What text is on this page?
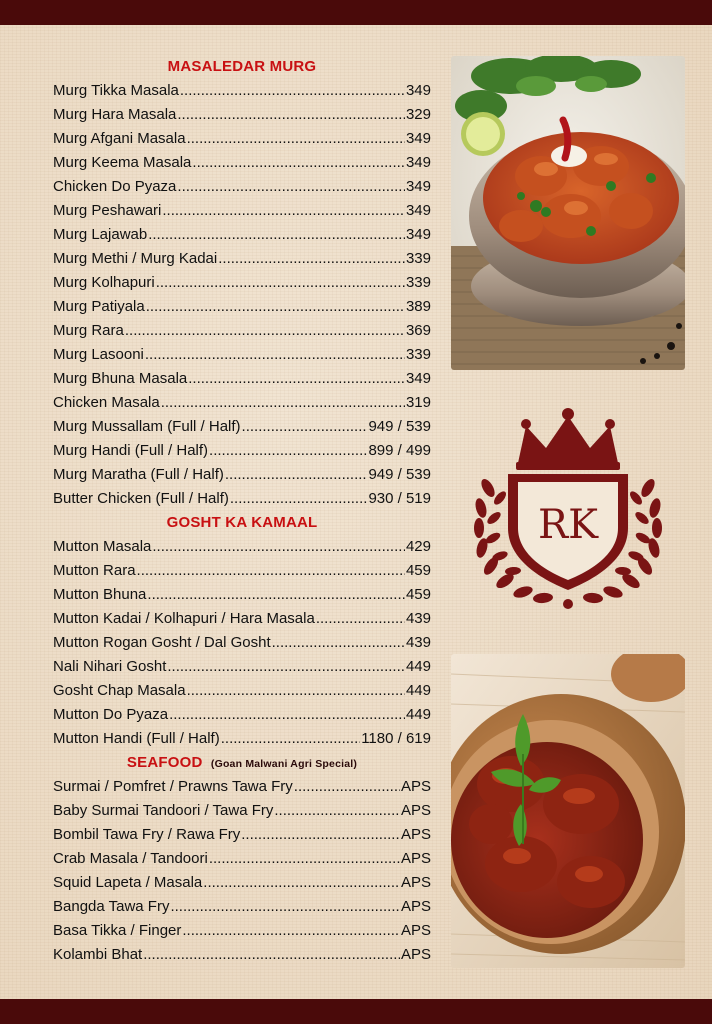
MASALEDAR MURG
Murg Tikka Masala .....	349
Murg Hara Masala .....	329
Murg Afgani Masala .....	349
Murg Keema Masala .....	349
Chicken Do Pyaza .....	349
Murg Peshawari .....	349
Murg Lajawab .....	349
Murg Methi / Murg Kadai .....	339
Murg Kolhapuri .....	339
Murg Patiyala .....	389
Murg Rara .....	369
Murg Lasooni .....	339
Murg Bhuna Masala .....	349
Chicken Masala .....	319
Murg Mussallam (Full / Half) .....	949 / 539
Murg Handi (Full / Half) .....	899 / 499
Murg Maratha (Full / Half) .....	949 / 539
Butter Chicken (Full / Half) .....	930 / 519
GOSHT KA KAMAAL
Mutton Masala .....	429
Mutton Rara .....	459
Mutton Bhuna .....	459
Mutton Kadai / Kolhapuri / Hara Masala .....	439
Mutton Rogan Gosht / Dal Gosht .....	439
Nali Nihari Gosht .....	449
Gosht Chap Masala .....	449
Mutton Do Pyaza .....	449
Mutton Handi (Full / Half) .....	1180 / 619
SEAFOOD (Goan Malwani Agri Special)
Surmai / Pomfret / Prawns Tawa Fry .....	APS
Baby Surmai Tandoori / Tawa Fry .....	APS
Bombil Tawa Fry / Rawa Fry .....	APS
Crab Masala / Tandoori .....	APS
Squid Lapeta / Masala .....	APS
Bangda Tawa Fry .....	APS
Basa Tikka / Finger .....	APS
Kolambi Bhat .....	APS
RK
